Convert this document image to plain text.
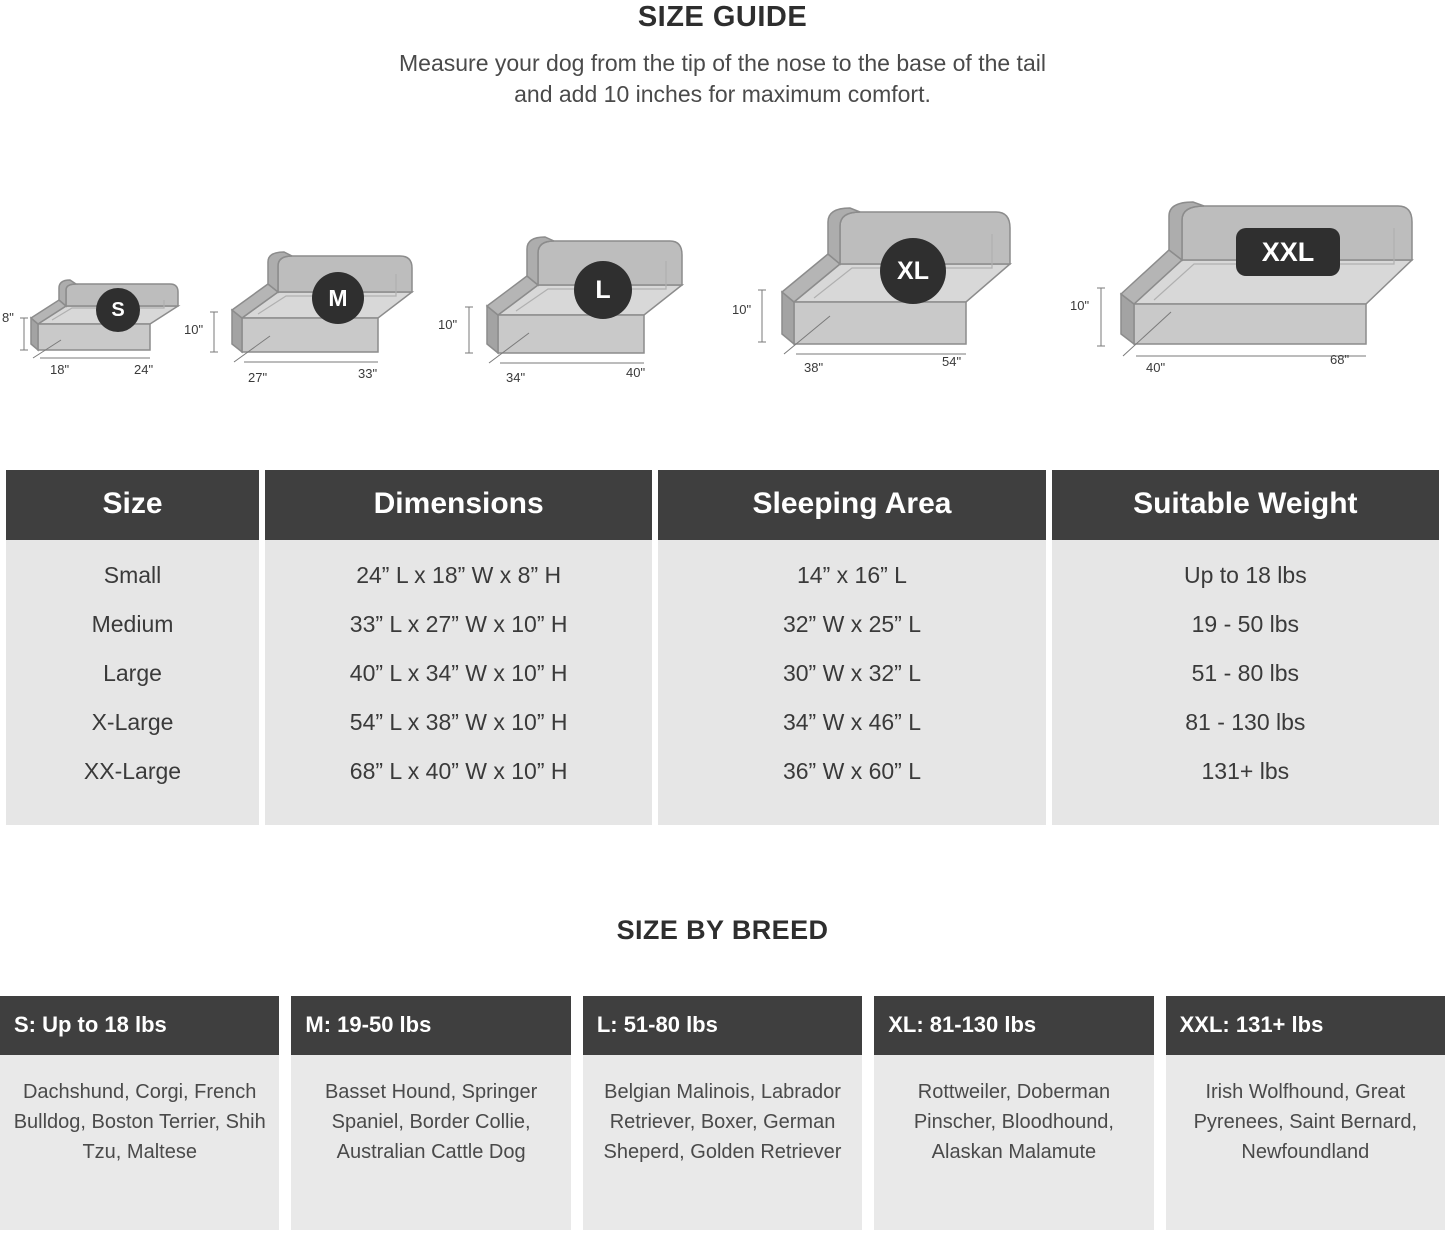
SIZE GUIDE
Measure your dog from the tip of the nose to the base of the tail
and add 10 inches for maximum comfort.
S
8"
18"	24"
M
10"
27"	33"
L
10"
34"	40"
XL
10"
38"	54"
XXL
10"
40"
68"
Size	Dimensions	Sleeping Area	Suitable Weight
Small	24” L x 18” W x 8” H	14” x 16” L	Up to 18 lbs
Medium	33” L x 27” W x 10” H	32” W x 25” L	19 - 50 lbs
Large	40” L x 34” W x 10” H	30” W x 32” L	51 - 80 lbs
X-Large	54” L x 38” W x 10” H	34” W x 46” L	81 - 130 lbs
XX-Large	68” L x 40” W x 10” H	36” W x 60” L	131+ lbs
SIZE BY BREED
S: Up to 18 lbs
Dachshund, Corgi, French Bulldog, Boston Terrier, Shih Tzu, Maltese
M: 19-50 lbs
Basset Hound, Springer Spaniel, Border Collie, Australian Cattle Dog
L: 51-80 lbs
Belgian Malinois, Labrador Retriever, Boxer, German Sheperd, Golden Retriever
XL: 81-130 lbs
Rottweiler, Doberman Pinscher, Bloodhound, Alaskan Malamute
XXL: 131+ lbs
Irish Wolfhound, Great Pyrenees, Saint Bernard, Newfoundland
